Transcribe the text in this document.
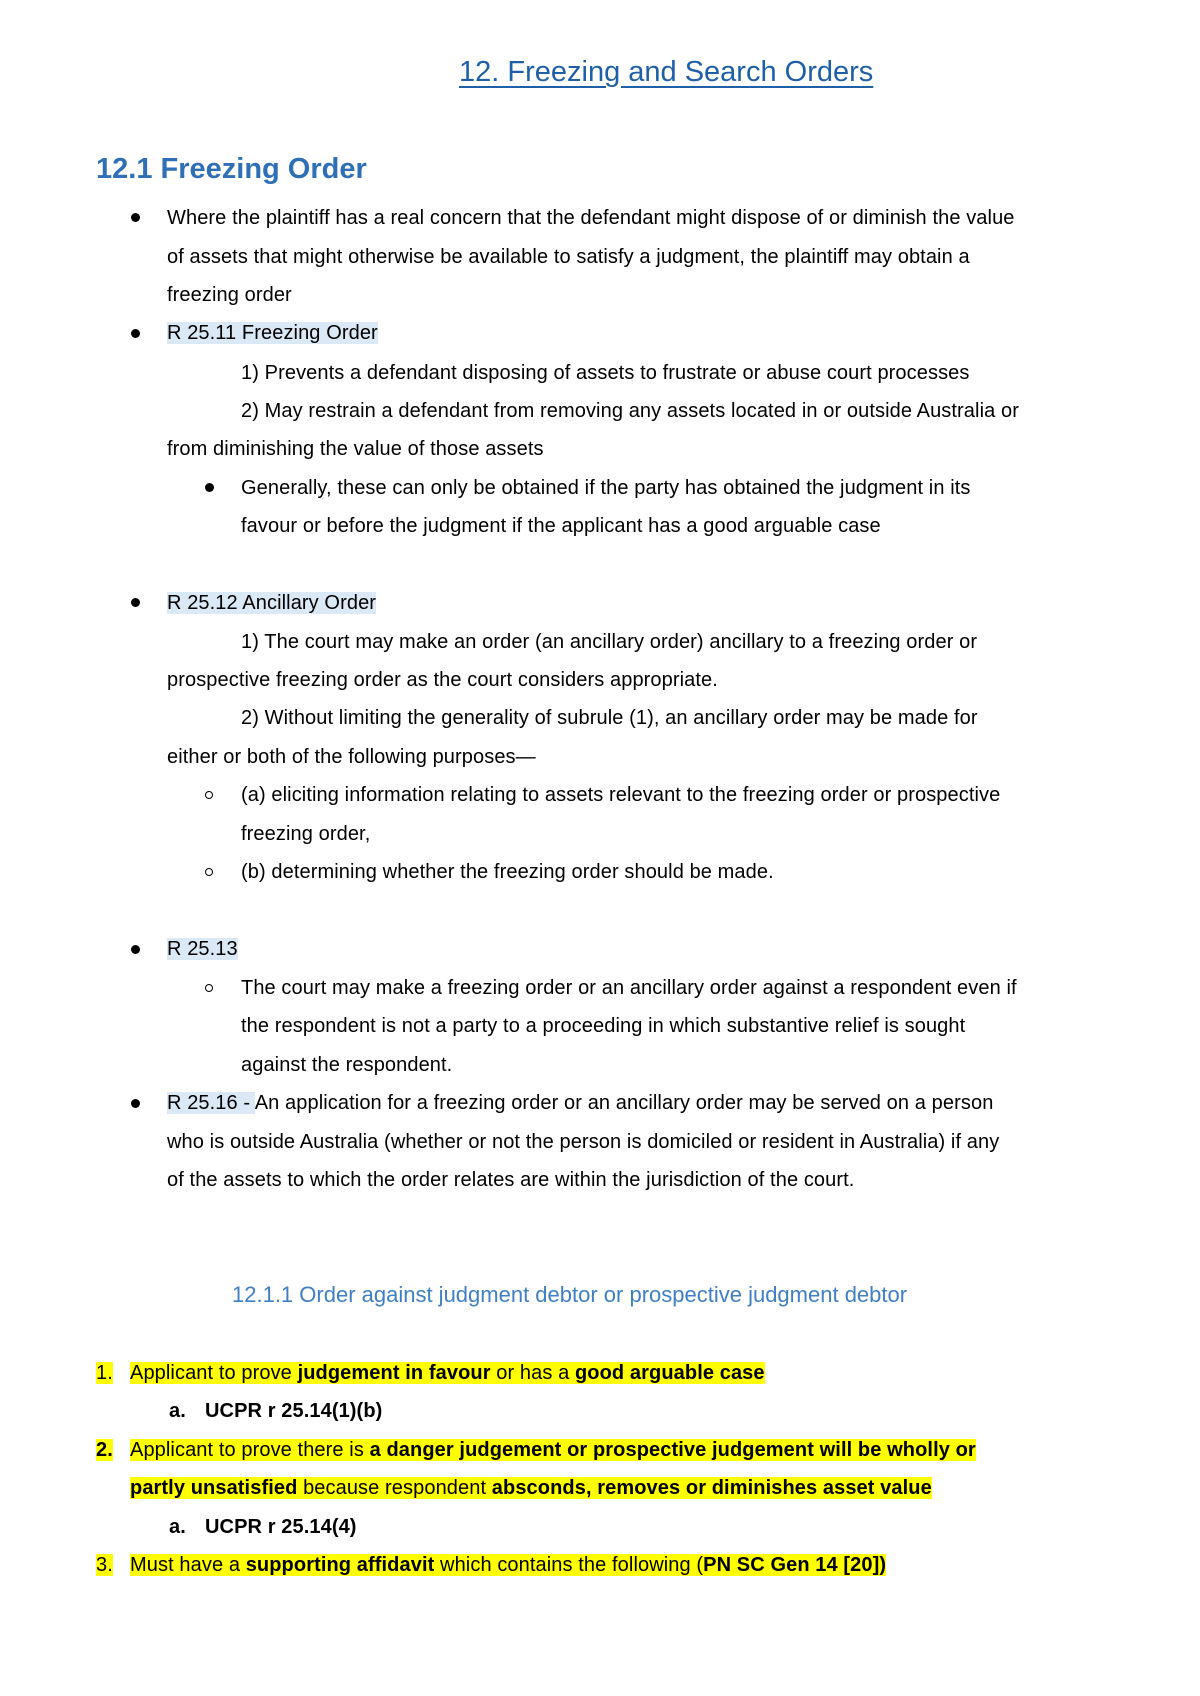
12. Freezing and Search Orders
12.1 Freezing Order
Where the plaintiff has a real concern that the defendant might dispose of or diminish the value
of assets that might otherwise be available to satisfy a judgment, the plaintiff may obtain a
freezing order
R 25.11 Freezing Order
1) Prevents a defendant disposing of assets to frustrate or abuse court processes
2) May restrain a defendant from removing any assets located in or outside Australia or
from diminishing the value of those assets
Generally, these can only be obtained if the party has obtained the judgment in its
favour or before the judgment if the applicant has a good arguable case
R 25.12 Ancillary Order
1) The court may make an order (an ancillary order) ancillary to a freezing order or
prospective freezing order as the court considers appropriate.
2) Without limiting the generality of subrule (1), an ancillary order may be made for
either or both of the following purposes—
(a) eliciting information relating to assets relevant to the freezing order or prospective
freezing order,
(b) determining whether the freezing order should be made.
R 25.13
The court may make a freezing order or an ancillary order against a respondent even if
the respondent is not a party to a proceeding in which substantive relief is sought
against the respondent.
R 25.16 - An application for a freezing order or an ancillary order may be served on a person
who is outside Australia (whether or not the person is domiciled or resident in Australia) if any
of the assets to which the order relates are within the jurisdiction of the court.
12.1.1 Order against judgment debtor or prospective judgment debtor
1. Applicant to prove judgement in favour or has a good arguable case
a. UCPR r 25.14(1)(b)
2. Applicant to prove there is a danger judgement or prospective judgement will be wholly or
partly unsatisfied because respondent absconds, removes or diminishes asset value
a. UCPR r 25.14(4)
3. Must have a supporting affidavit which contains the following (PN SC Gen 14 [20])
